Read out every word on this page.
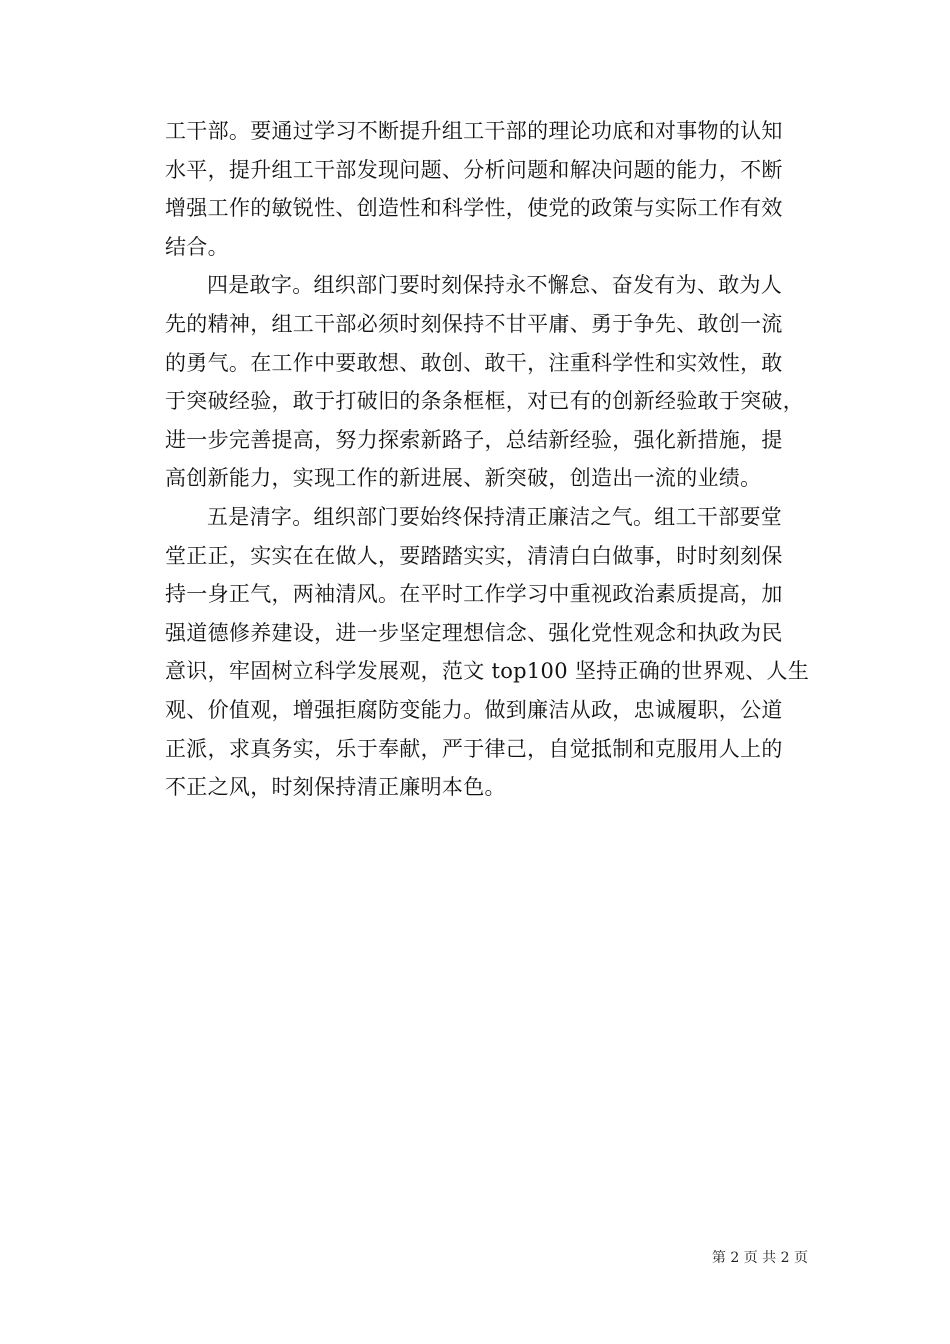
工干部。要通过学习不断提升组工干部的理论功底和对事物的认知
水平，提升组工干部发现问题、分析问题和解决问题的能力，不断
增强工作的敏锐性、创造性和科学性，使党的政策与实际工作有效
结合。
四是敢字。组织部门要时刻保持永不懈怠、奋发有为、敢为人
先的精神，组工干部必须时刻保持不甘平庸、勇于争先、敢创一流
的勇气。在工作中要敢想、敢创、敢干，注重科学性和实效性，敢
于突破经验，敢于打破旧的条条框框，对已有的创新经验敢于突破，
进一步完善提高，努力探索新路子，总结新经验，强化新措施，提
高创新能力，实现工作的新进展、新突破，创造出一流的业绩。
五是清字。组织部门要始终保持清正廉洁之气。组工干部要堂
堂正正，实实在在做人，要踏踏实实，清清白白做事，时时刻刻保
持一身正气，两袖清风。在平时工作学习中重视政治素质提高，加
强道德修养建设，进一步坚定理想信念、强化党性观念和执政为民
意识，牢固树立科学发展观，范文 top100 坚持正确的世界观、人生
观、价值观，增强拒腐防变能力。做到廉洁从政，忠诚履职，公道
正派，求真务实，乐于奉献，严于律己，自觉抵制和克服用人上的
不正之风，时刻保持清正廉明本色。
第 2 页 共 2 页
